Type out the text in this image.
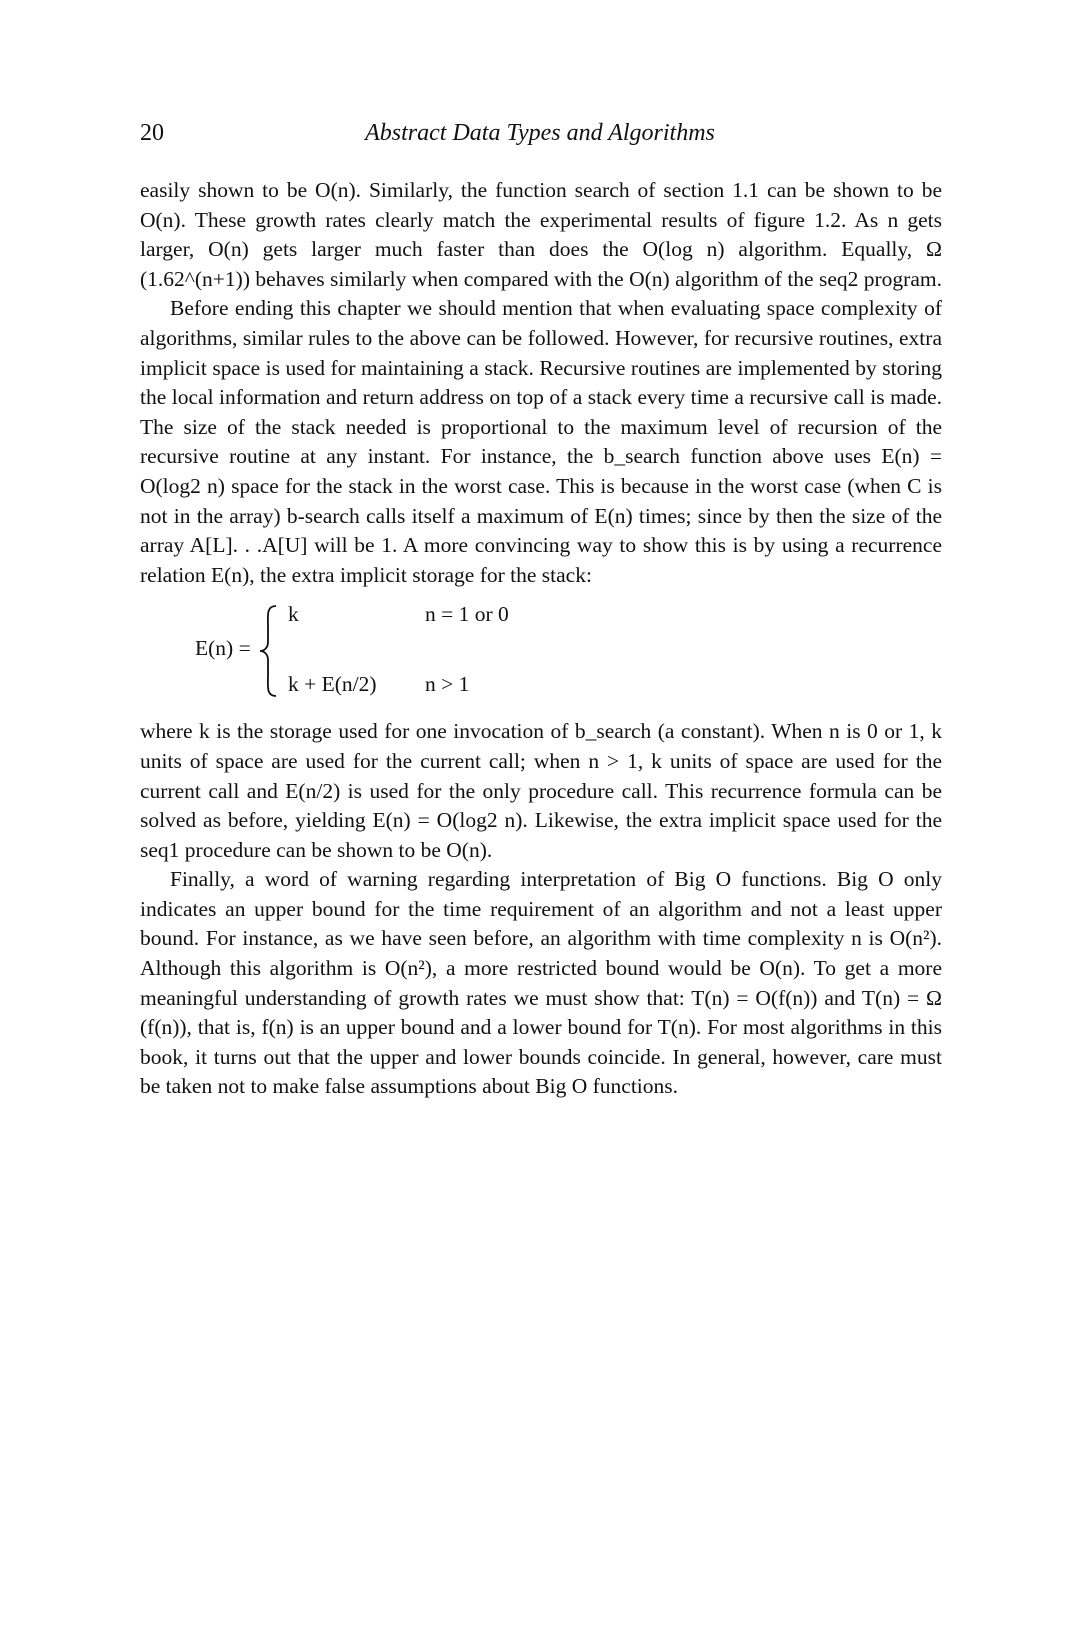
20	Abstract Data Types and Algorithms

easily shown to be O(n). Similarly, the function search of section 1.1 can be shown to be O(n). These growth rates clearly match the experimental results of figure 1.2. As n gets larger, O(n) gets larger much faster than does the O(log n) algorithm. Equally, Ω (1.62^(n+1)) behaves similarly when compared with the O(n) algorithm of the seq2 program.

Before ending this chapter we should mention that when evaluating space complexity of algorithms, similar rules to the above can be followed. However, for recursive routines, extra implicit space is used for maintaining a stack. Recursive routines are implemented by storing the local information and return address on top of a stack every time a recursive call is made. The size of the stack needed is proportional to the maximum level of recursion of the recursive routine at any instant. For instance, the b_search function above uses E(n) = O(log2 n) space for the stack in the worst case. This is because in the worst case (when C is not in the array) b-search calls itself a maximum of E(n) times; since by then the size of the array A[L]. . .A[U] will be 1. A more convincing way to show this is by using a recurrence relation E(n), the extra implicit storage for the stack:

E(n) =
k	n = 1 or 0
k + E(n/2) n > 1

where k is the storage used for one invocation of b_search (a constant). When n is 0 or 1, k units of space are used for the current call; when n > 1, k units of space are used for the current call and E(n/2) is used for the only procedure call. This recurrence formula can be solved as before, yielding E(n) = O(log2 n). Likewise, the extra implicit space used for the seq1 procedure can be shown to be O(n).

Finally, a word of warning regarding interpretation of Big O functions. Big O only indicates an upper bound for the time requirement of an algorithm and not a least upper bound. For instance, as we have seen before, an algorithm with time complexity n is O(n²). Although this algorithm is O(n²), a more restricted bound would be O(n). To get a more meaningful understanding of growth rates we must show that: T(n) = O(f(n)) and T(n) = Ω (f(n)), that is, f(n) is an upper bound and a lower bound for T(n). For most algorithms in this book, it turns out that the upper and lower bounds coincide. In general, however, care must be taken not to make false assumptions about Big O functions.
